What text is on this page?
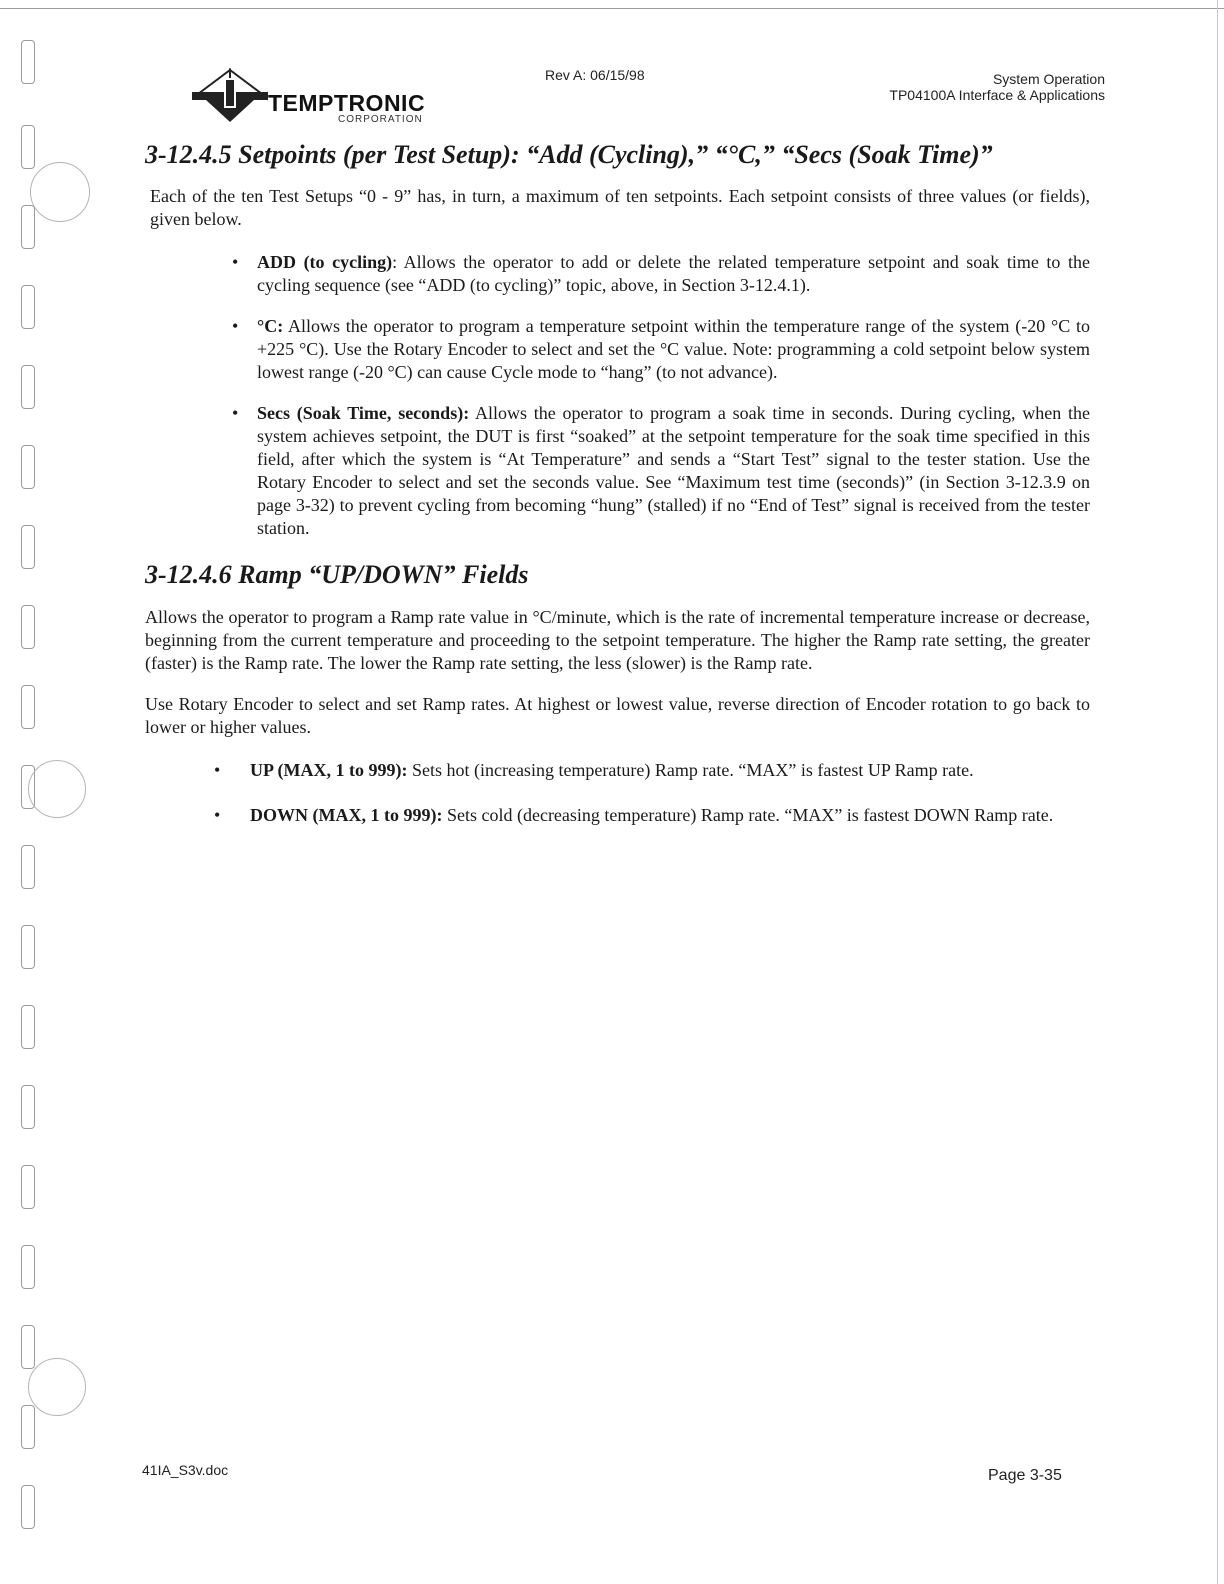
TEMPTRONIC
CORPORATION
Rev A: 06/15/98	System Operation
TP04100A Interface & Applications
3-12.4.5 Setpoints (per Test Setup): “Add (Cycling),” “°C,” “Secs (Soak Time)”

Each of the ten Test Setups “0 - 9” has, in turn, a maximum of ten setpoints. Each setpoint consists of three values (or fields), given below.

• ADD (to cycling): Allows the operator to add or delete the related temperature setpoint and soak time to the cycling sequence (see “ADD (to cycling)” topic, above, in Section 3-12.4.1).
• °C: Allows the operator to program a temperature setpoint within the temperature range of the system (-20 °C to +225 °C). Use the Rotary Encoder to select and set the °C value. Note: programming a cold setpoint below system lowest range (-20 °C) can cause Cycle mode to “hang” (to not advance).
• Secs (Soak Time, seconds): Allows the operator to program a soak time in seconds. During cycling, when the system achieves setpoint, the DUT is first “soaked” at the setpoint temperature for the soak time specified in this field, after which the system is “At Temperature” and sends a “Start Test” signal to the tester station. Use the Rotary Encoder to select and set the seconds value. See “Maximum test time (seconds)” (in Section 3-12.3.9 on page 3-32) to prevent cycling from becoming “hung” (stalled) if no “End of Test” signal is received from the tester station.
3-12.4.6 Ramp “UP/DOWN” Fields

Allows the operator to program a Ramp rate value in °C/minute, which is the rate of incremental temperature increase or decrease, beginning from the current temperature and proceeding to the setpoint temperature. The higher the Ramp rate setting, the greater (faster) is the Ramp rate. The lower the Ramp rate setting, the less (slower) is the Ramp rate.

Use Rotary Encoder to select and set Ramp rates. At highest or lowest value, reverse direction of Encoder rotation to go back to lower or higher values.

• UP (MAX, 1 to 999): Sets hot (increasing temperature) Ramp rate. “MAX” is fastest UP Ramp rate.
• DOWN (MAX, 1 to 999): Sets cold (decreasing temperature) Ramp rate. “MAX” is fastest DOWN Ramp rate.
41IA_S3v.doc	Page 3-35
